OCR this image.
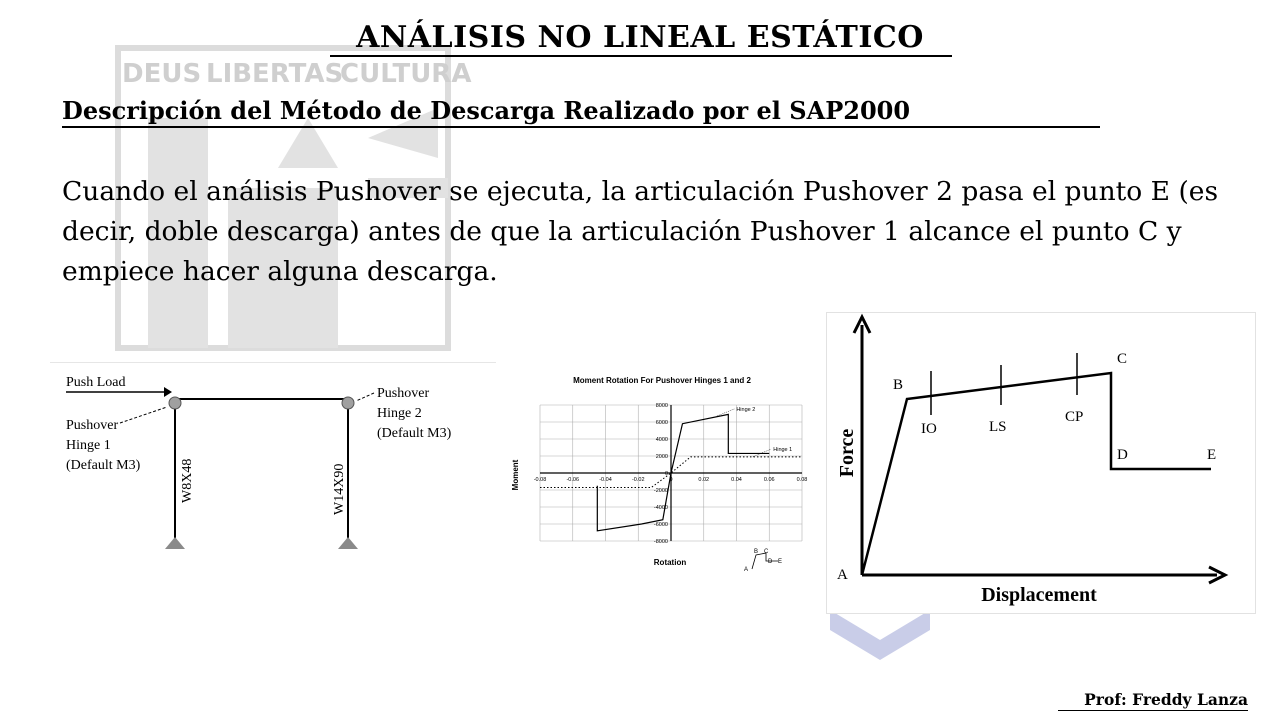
DEUS LIBERTAS
CULTURA
ANÁLISIS NO LINEAL ESTÁTICO
Descripción del Método de Descarga Realizado por el SAP2000

Cuando el análisis Pushover se ejecuta, la articulación Pushover 2 pasa el punto E (es decir, doble descarga) antes de que la articulación Pushover 1 alcance el punto C y empiece hacer alguna descarga.

Push Load
Pushover
Hinge 1
(Default M3)
Pushover
Hinge 2
(Default M3)
W8X48	W14X90
Moment Rotation For Pushover Hinges 1 and 2
Moment
Rotation
-0.08	-0.06	-0.04	-0.02	0	0.02	0.04	0.06	0.08
8000
6000
4000
2000
0
-2000
-4000
-6000
-8000
Hinge 2
Hinge 1
A
B C
D E
Force
Displacement
A
B
C
D	E
IO	LS
CP

Prof: Freddy Lanza
